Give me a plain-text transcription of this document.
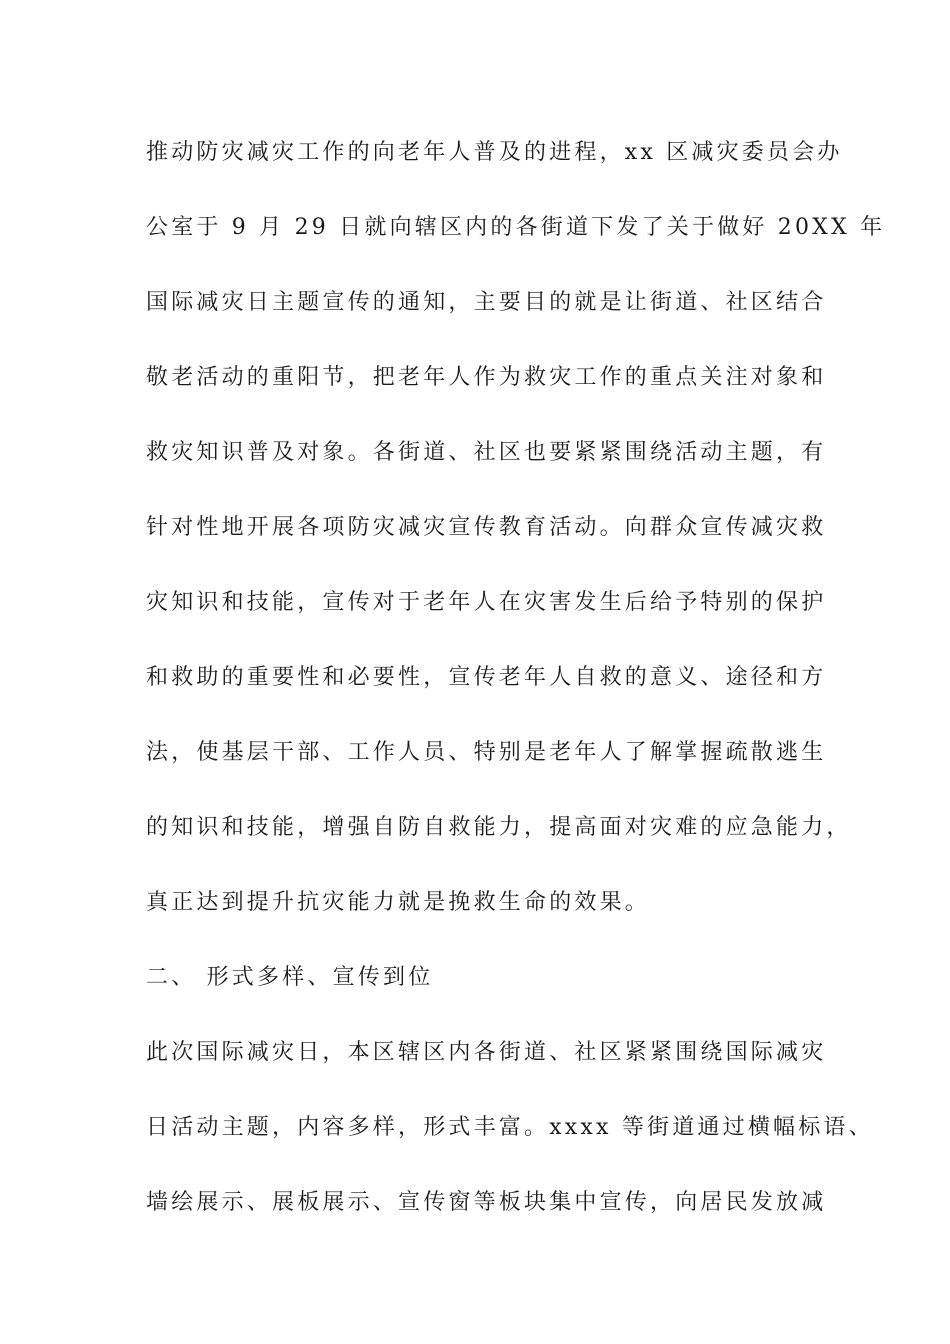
推动防灾减灾工作的向老年人普及的进程，xx 区减灾委员会办
公室于 9 月 29 日就向辖区内的各街道下发了关于做好 20XX 年
国际减灾日主题宣传的通知，主要目的就是让街道、社区结合
敬老活动的重阳节，把老年人作为救灾工作的重点关注对象和
救灾知识普及对象。各街道、社区也要紧紧围绕活动主题，有
针对性地开展各项防灾减灾宣传教育活动。向群众宣传减灾救
灾知识和技能，宣传对于老年人在灾害发生后给予特别的保护
和救助的重要性和必要性，宣传老年人自救的意义、途径和方
法，使基层干部、工作人员、特别是老年人了解掌握疏散逃生
的知识和技能，增强自防自救能力，提高面对灾难的应急能力，
真正达到提升抗灾能力就是挽救生命的效果。
二、 形式多样、宣传到位
此次国际减灾日，本区辖区内各街道、社区紧紧围绕国际减灾
日活动主题，内容多样，形式丰富。xxxx 等街道通过横幅标语、
墙绘展示、展板展示、宣传窗等板块集中宣传，向居民发放减
